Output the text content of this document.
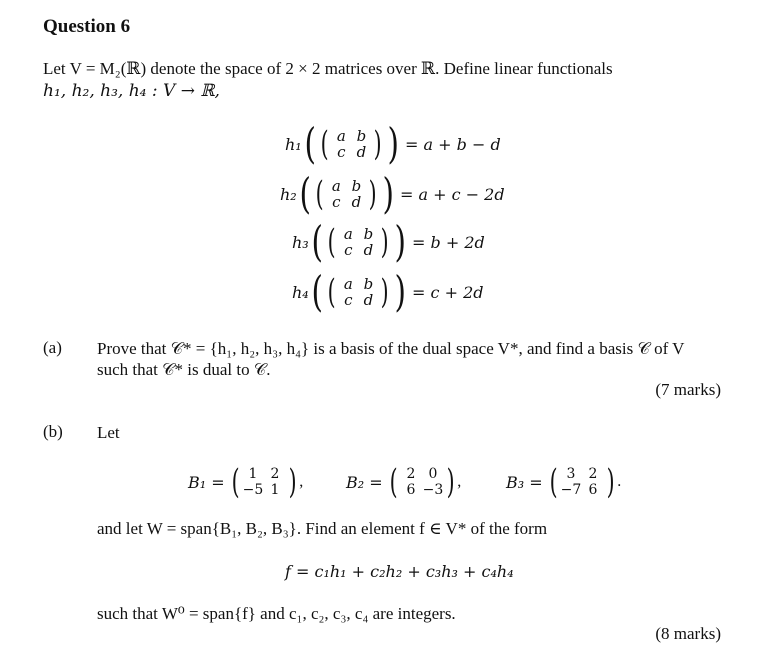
Question 6
Let V = M₂(ℝ) denote the space of 2 × 2 matrices over ℝ. Define linear functionals
h₁, h₂, h₃, h₄ : V → ℝ,
h₁ ( ( a b
c d ) ) = a + b − d
h₂ ( ( a b
c d ) ) = a + c − 2d
h₃ ( ( a b
c d ) ) = b + 2d
h₄ ( ( a b
c d ) ) = c + 2d
(a) Prove that 𝒞* = {h₁, h₂, h₃, h₄} is a basis of the dual space V*, and find a basis 𝒞 of V
such that 𝒞* is dual to 𝒞.
(7 marks)
(b) Let
B₁ = ( 1 2
−5 1 ) ,	B₂ = ( 2 0
6 −3 ) ,	B₃ = ( 3 2
−7 6 ) .
and let W = span{B₁, B₂, B₃}. Find an element f ∈ V* of the form
f = c₁h₁ + c₂h₂ + c₃h₃ + c₄h₄
such that W⁰ = span{f} and c₁, c₂, c₃, c₄ are integers.
(8 marks)
